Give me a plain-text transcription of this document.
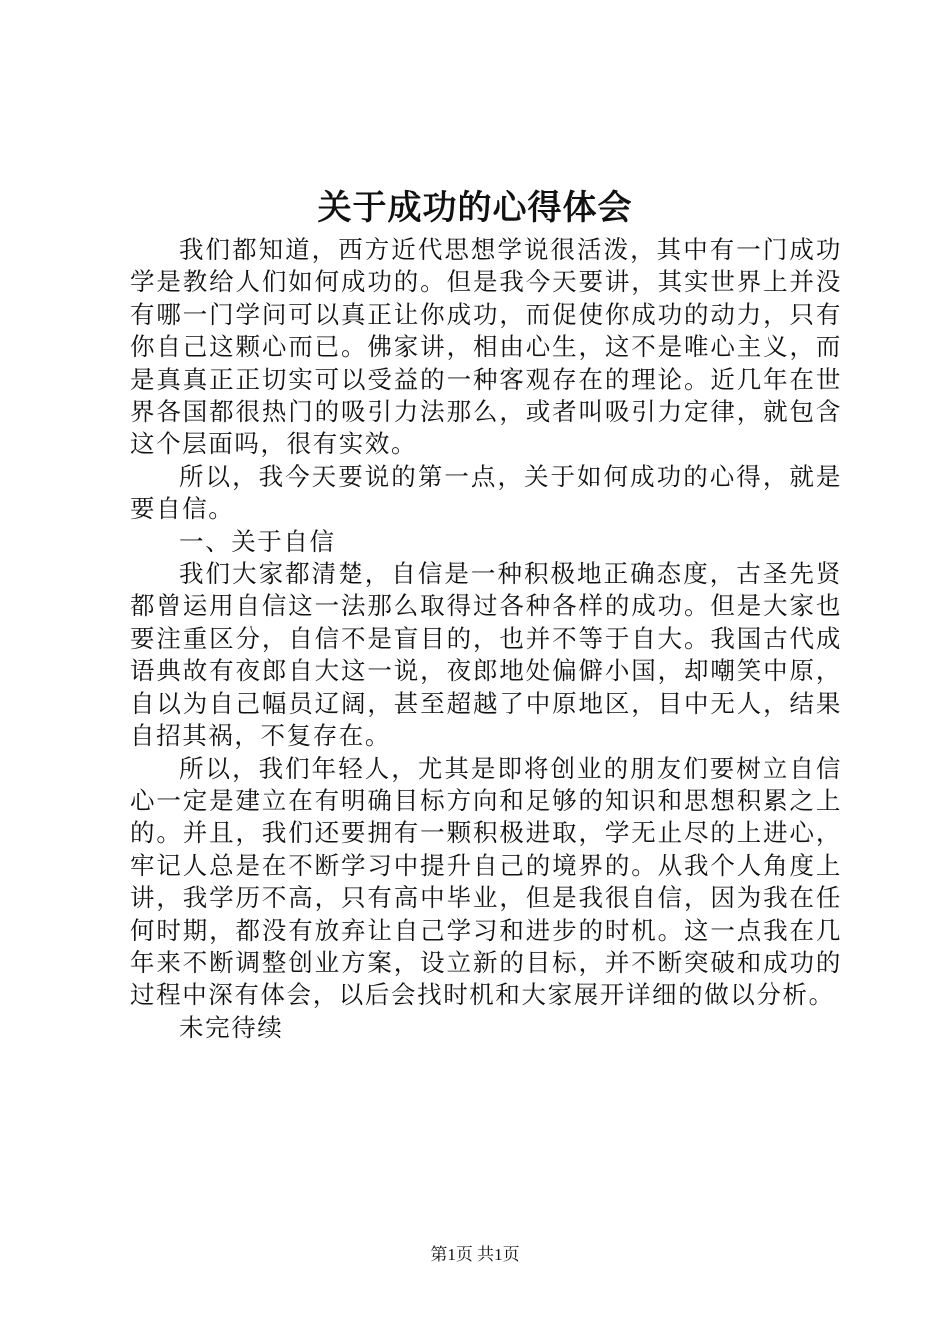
关于成功的心得体会

我们都知道，西方近代思想学说很活泼，其中有一门成功学是教给人们如何成功的。但是我今天要讲，其实世界上并没有哪一门学问可以真正让你成功，而促使你成功的动力，只有你自己这颗心而已。佛家讲，相由心生，这不是唯心主义，而是真真正正切实可以受益的一种客观存在的理论。近几年在世界各国都很热门的吸引力法那么，或者叫吸引力定律，就包含这个层面吗，很有实效。

所以，我今天要说的第一点，关于如何成功的心得，就是要自信。

一、关于自信

我们大家都清楚，自信是一种积极地正确态度，古圣先贤都曾运用自信这一法那么取得过各种各样的成功。但是大家也要注重区分，自信不是盲目的，也并不等于自大。我国古代成语典故有夜郎自大这一说，夜郎地处偏僻小国，却嘲笑中原，自以为自己幅员辽阔，甚至超越了中原地区，目中无人，结果自招其祸，不复存在。

所以，我们年轻人，尤其是即将创业的朋友们要树立自信心一定是建立在有明确目标方向和足够的知识和思想积累之上的。并且，我们还要拥有一颗积极进取，学无止尽的上进心，牢记人总是在不断学习中提升自己的境界的。从我个人角度上讲，我学历不高，只有高中毕业，但是我很自信，因为我在任何时期，都没有放弃让自己学习和进步的时机。这一点我在几年来不断调整创业方案，设立新的目标，并不断突破和成功的过程中深有体会，以后会找时机和大家展开详细的做以分析。

未完待续

第1页 共1页
